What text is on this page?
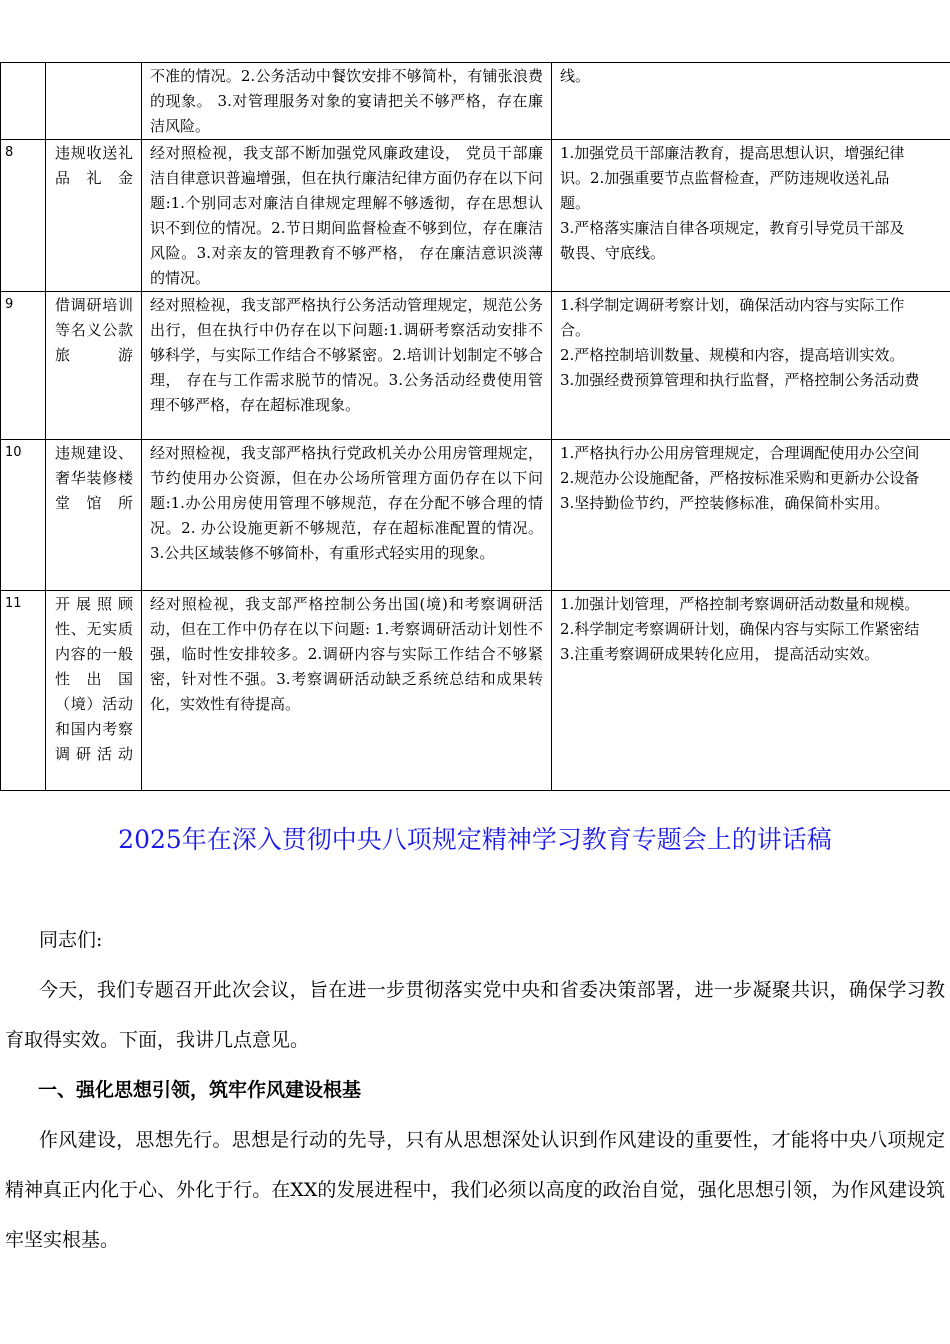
		不准的情况。2.公务活动中餐饮安排不够简朴，有铺张浪费的现象。 3.对管理服务对象的宴请把关不够严格，存在廉洁风险。	线。

8	违规收送礼品礼金	经对照检视，我支部不断加强党风廉政建设， 党员干部廉洁自律意识普遍增强，但在执行廉洁纪律方面仍存在以下问题:1.个别同志对廉洁自律规定理解不够透彻，存在思想认识不到位的情况。2.节日期间监督检查不够到位，存在廉洁风险。3.对亲友的管理教育不够严格， 存在廉洁意识淡薄的情况。	1.加强党员干部廉洁教育，提高思想认识，增强纪律
识。2.加强重要节点监督检查，严防违规收送礼品
题。
3.严格落实廉洁自律各项规定，教育引导党员干部及
敬畏、守底线。

9	借调研培训等名义公款旅游	经对照检视，我支部严格执行公务活动管理规定，规范公务出行，但在执行中仍存在以下问题:1.调研考察活动安排不够科学，与实际工作结合不够紧密。2.培训计划制定不够合理， 存在与工作需求脱节的情况。3.公务活动经费使用管理不够严格，存在超标准现象。	1.科学制定调研考察计划，确保活动内容与实际工作
合。
2.严格控制培训数量、规模和内容，提高培训实效。
3.加强经费预算管理和执行监督，严格控制公务活动费

10	违规建设、奢华装修楼堂馆所	经对照检视，我支部严格执行党政机关办公用房管理规定，节约使用办公资源，但在办公场所管理方面仍存在以下问题:1.办公用房使用管理不够规范，存在分配不够合理的情况。2. 办公设施更新不够规范，存在超标准配置的情况。3.公共区域装修不够简朴，有重形式轻实用的现象。	1.严格执行办公用房管理规定，合理调配使用办公空间
2.规范办公设施配备，严格按标准采购和更新办公设备
3.坚持勤俭节约，严控装修标准，确保简朴实用。

11	开展照顾性、无实质内容的一般性出国（境）活动和国内考察调研活动	经对照检视，我支部严格控制公务出国(境)和考察调研活动，但在工作中仍存在以下问题: 1.考察调研活动计划性不强，临时性安排较多。2.调研内容与实际工作结合不够紧密，针对性不强。3.考察调研活动缺乏系统总结和成果转化，实效性有待提高。	1.加强计划管理，严格控制考察调研活动数量和规模。
2.科学制定考察调研计划，确保内容与实际工作紧密结
3.注重考察调研成果转化应用， 提高活动实效。
2025年在深入贯彻中央八项规定精神学习教育专题会上的讲话稿
同志们:
今天，我们专题召开此次会议，旨在进一步贯彻落实党中央和省委决策部署，进一步凝聚共识，确保学习教育取得实效。下面，我讲几点意见。
一、强化思想引领，筑牢作风建设根基
作风建设，思想先行。思想是行动的先导，只有从思想深处认识到作风建设的重要性，才能将中央八项规定精神真正内化于心、外化于行。在XX的发展进程中，我们必须以高度的政治自觉，强化思想引领，为作风建设筑牢坚实根基。
